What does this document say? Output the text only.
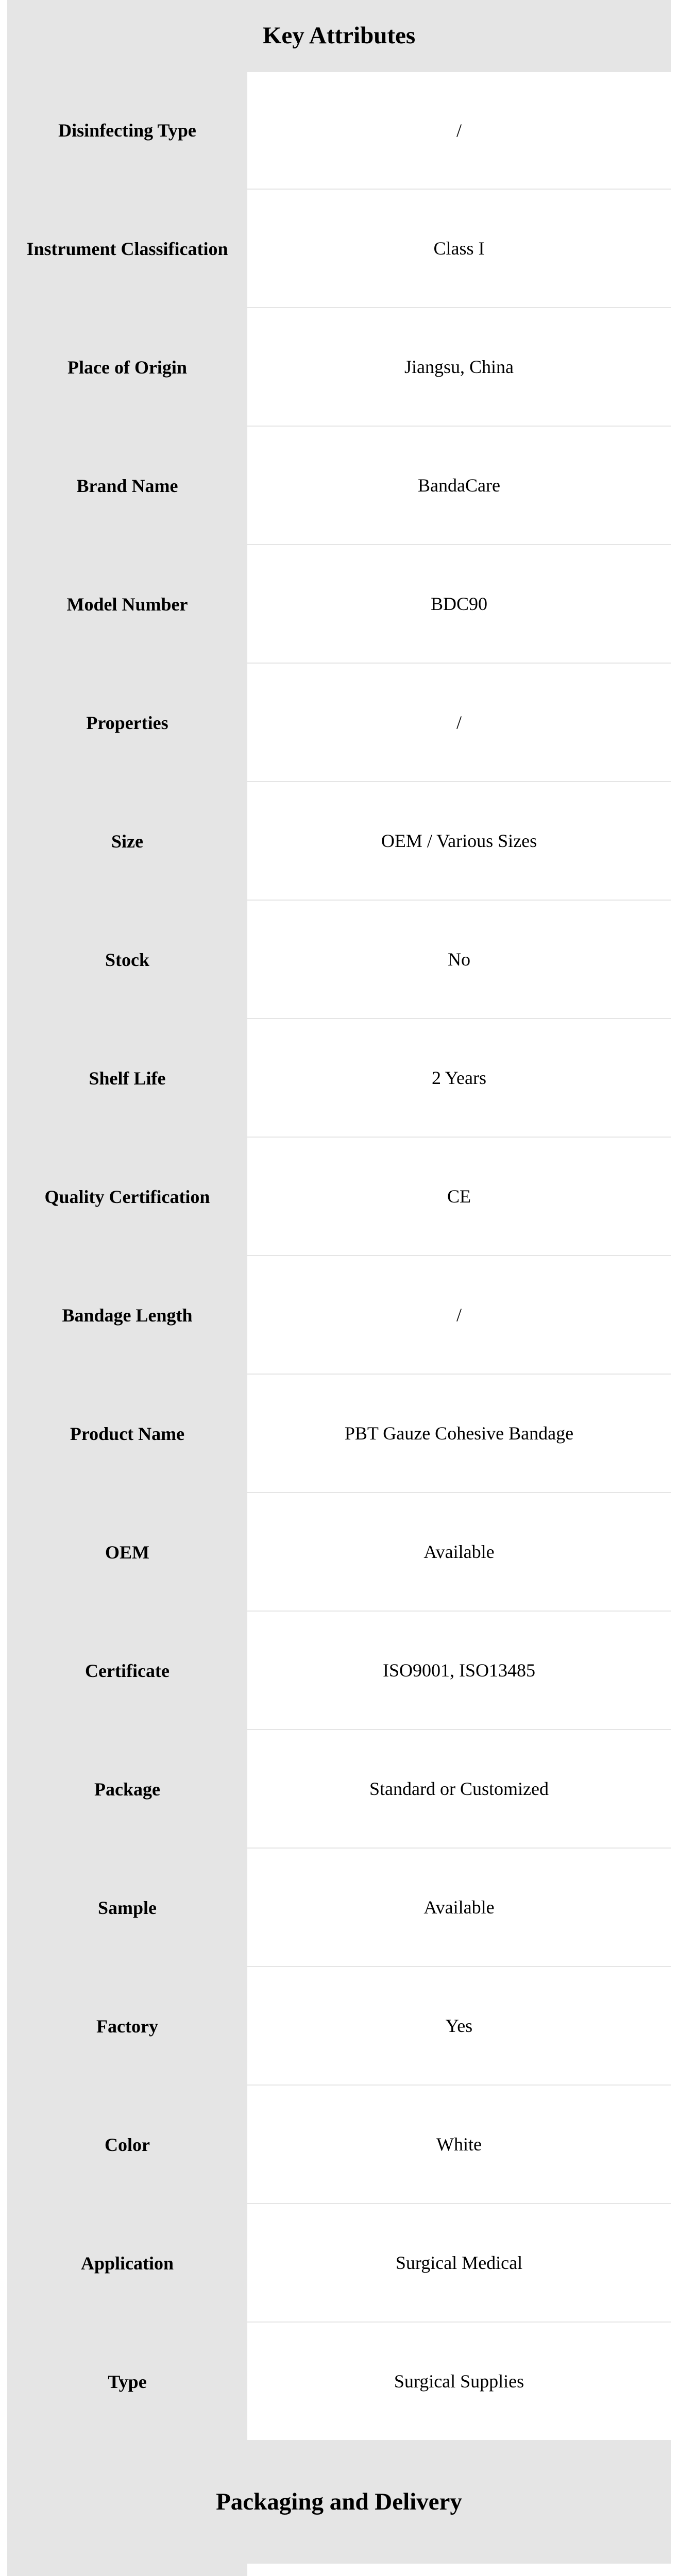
Key Attributes
Disinfecting Type	/
Instrument Classification	Class I
Place of Origin	Jiangsu, China
Brand Name	BandaCare
Model Number	BDC90
Properties	/
Size	OEM / Various Sizes
Stock	No
Shelf Life	2 Years
Quality Certification	CE
Bandage Length	/
Product Name	PBT Gauze Cohesive Bandage
OEM	Available
Certificate	ISO9001, ISO13485
Package	Standard or Customized
Sample	Available
Factory	Yes
Color	White
Application	Surgical Medical
Type	Surgical Supplies
Packaging and Delivery
